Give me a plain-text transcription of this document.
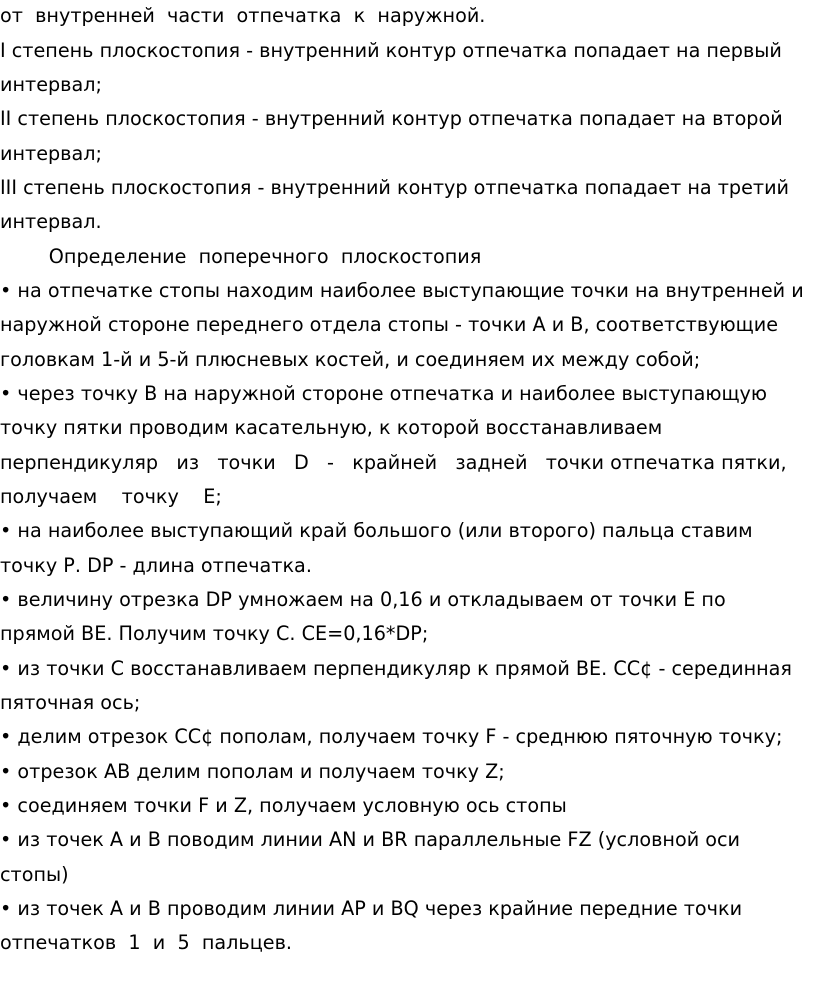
от  внутренней  части  отпечатка  к  наружной.
I степень плоскостопия - внутренний контур отпечатка попадает на первый
интервал;
II степень плоскостопия - внутренний контур отпечатка попадает на второй
интервал;
III степень плоскостопия - внутренний контур отпечатка попадает на третий
интервал.
Определение  поперечного  плоскостопия
• на отпечатке стопы находим наиболее выступающие точки на внутренней и
наружной стороне переднего отдела стопы - точки А и В, соответствующие
головкам 1-й и 5-й плюсневых костей, и соединяем их между собой;
• через точку В на наружной стороне отпечатка и наиболее выступающую
точку пятки проводим касательную, к которой восстанавливаем
перпендикуляр   из   точки   D   -   крайней   задней   точки отпечатка пятки,
получаем    точку    Е;
• на наиболее выступающий край большого (или второго) пальца ставим
точку Р. DP - длина отпечатка.
• величину отрезка DP умножаем на 0,16 и откладываем от точки Е по
прямой ВЕ. Получим точку С. СЕ=0,16*DP;
• из точки С восстанавливаем перпендикуляр к прямой ВЕ. СС¢ - серединная
пяточная ось;
• делим отрезок СС¢ пополам, получаем точку F - среднюю пяточную точку;
• отрезок АВ делим пополам и получаем точку Z;
• соединяем точки F и Z, получаем условную ось стопы
• из точек А и В поводим линии AN и BR параллельные FZ (условной оси
стопы)
• из точек А и В проводим линии АР и BQ через крайние передние точки
отпечатков  1  и  5  пальцев.
